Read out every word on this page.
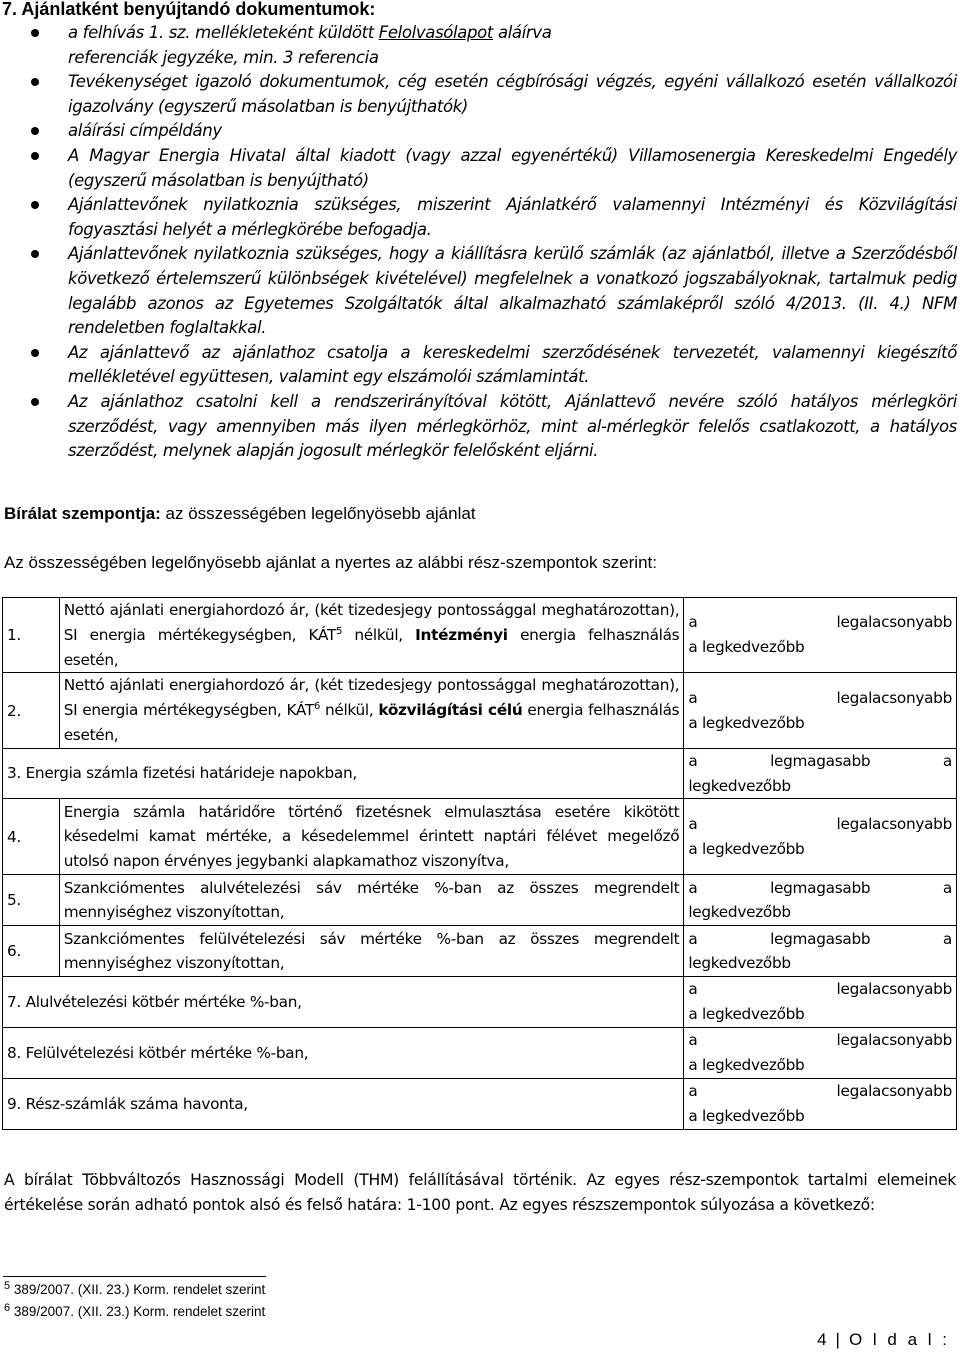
7. Ajánlatként benyújtandó dokumentumok:
a felhívás 1. sz. mellékleteként küldött Felolvasólapot aláírva
referenciák jegyzéke, min. 3 referencia
Tevékenységet igazoló dokumentumok, cég esetén cégbírósági végzés, egyéni vállalkozó esetén vállalkozói igazolvány (egyszerű másolatban is benyújthatók)
aláírási címpéldány
A Magyar Energia Hivatal által kiadott (vagy azzal egyenértékű) Villamosenergia Kereskedelmi Engedély (egyszerű másolatban is benyújtható)
Ajánlattevőnek nyilatkoznia szükséges, miszerint Ajánlatkérő valamennyi Intézményi és Közvilágítási fogyasztási helyét a mérlegkörébe befogadja.
Ajánlattevőnek nyilatkoznia szükséges, hogy a kiállításra kerülő számlák (az ajánlatból, illetve a Szerződésből következő értelemszerű különbségek kivételével) megfelelnek a vonatkozó jogszabályoknak, tartalmuk pedig legalább azonos az Egyetemes Szolgáltatók által alkalmazható számlaképről szóló 4/2013. (II. 4.) NFM rendeletben foglaltakkal.
Az ajánlattevő az ajánlathoz csatolja a kereskedelmi szerződésének tervezetét, valamennyi kiegészítő mellékletével együttesen, valamint egy elszámolói számlamintát.
Az ajánlathoz csatolni kell a rendszerirányítóval kötött, Ajánlattevő nevére szóló hatályos mérlegköri szerződést, vagy amennyiben más ilyen mérlegkörhöz, mint al-mérlegkör felelős csatlakozott, a hatályos szerződést, melynek alapján jogosult mérlegkör felelősként eljárni.
Bírálat szempontja: az összességében legelőnyösebb ajánlat
Az összességében legelőnyösebb ajánlat a nyertes az alábbi rész-szempontok szerint:
1.	Nettó ajánlati energiahordozó ár, (két tizedesjegy pontossággal meghatározottan), SI energia mértékegységben, KÁT$^5$ nélkül, Intézményi energia felhasználás esetén,	a legalacsonyabb
a legkedvezőbb

2.	Nettó ajánlati energiahordozó ár, (két tizedesjegy pontossággal meghatározottan), SI energia mértékegységben, KÁT$^6$ nélkül, közvilágítási célú energia felhasználás esetén,	a legalacsonyabb
a legkedvezőbb

3. Energia számla fizetési határideje napokban,		a legmagasabb a
legkedvezőbb

4.	Energia számla határidőre történő fizetésnek elmulasztása esetére kikötött késedelmi kamat mértéke, a késedelemmel érintett naptári félévet megelőző utolsó napon érvényes jegybanki alapkamathoz viszonyítva,	a legalacsonyabb
a legkedvezőbb

5.	Szankciómentes alulvételezési sáv mértéke %-ban az összes megrendelt mennyiséghez viszonyítottan,	a legmagasabb a
legkedvezőbb

6.	Szankciómentes felülvételezési sáv mértéke %-ban az összes megrendelt mennyiséghez viszonyítottan,	a legmagasabb a
legkedvezőbb

7. Alulvételezési kötbér mértéke %-ban,		a legalacsonyabb
a legkedvezőbb

8. Felülvételezési kötbér mértéke %-ban,		a legalacsonyabb
a legkedvezőbb

9. Rész-számlák száma havonta,		a legalacsonyabb
a legkedvezőbb
A bírálat Többváltozós Hasznossági Modell (THM) felállításával történik. Az egyes rész-szempontok tartalmi elemeinek értékelése során adható pontok alsó és felső határa: 1-100 pont. Az egyes részszempontok súlyozása a következő:
$^5$ 389/2007. (XII. 23.) Korm. rendelet szerint
$^6$ 389/2007. (XII. 23.) Korm. rendelet szerint
4 | O l d a l :
